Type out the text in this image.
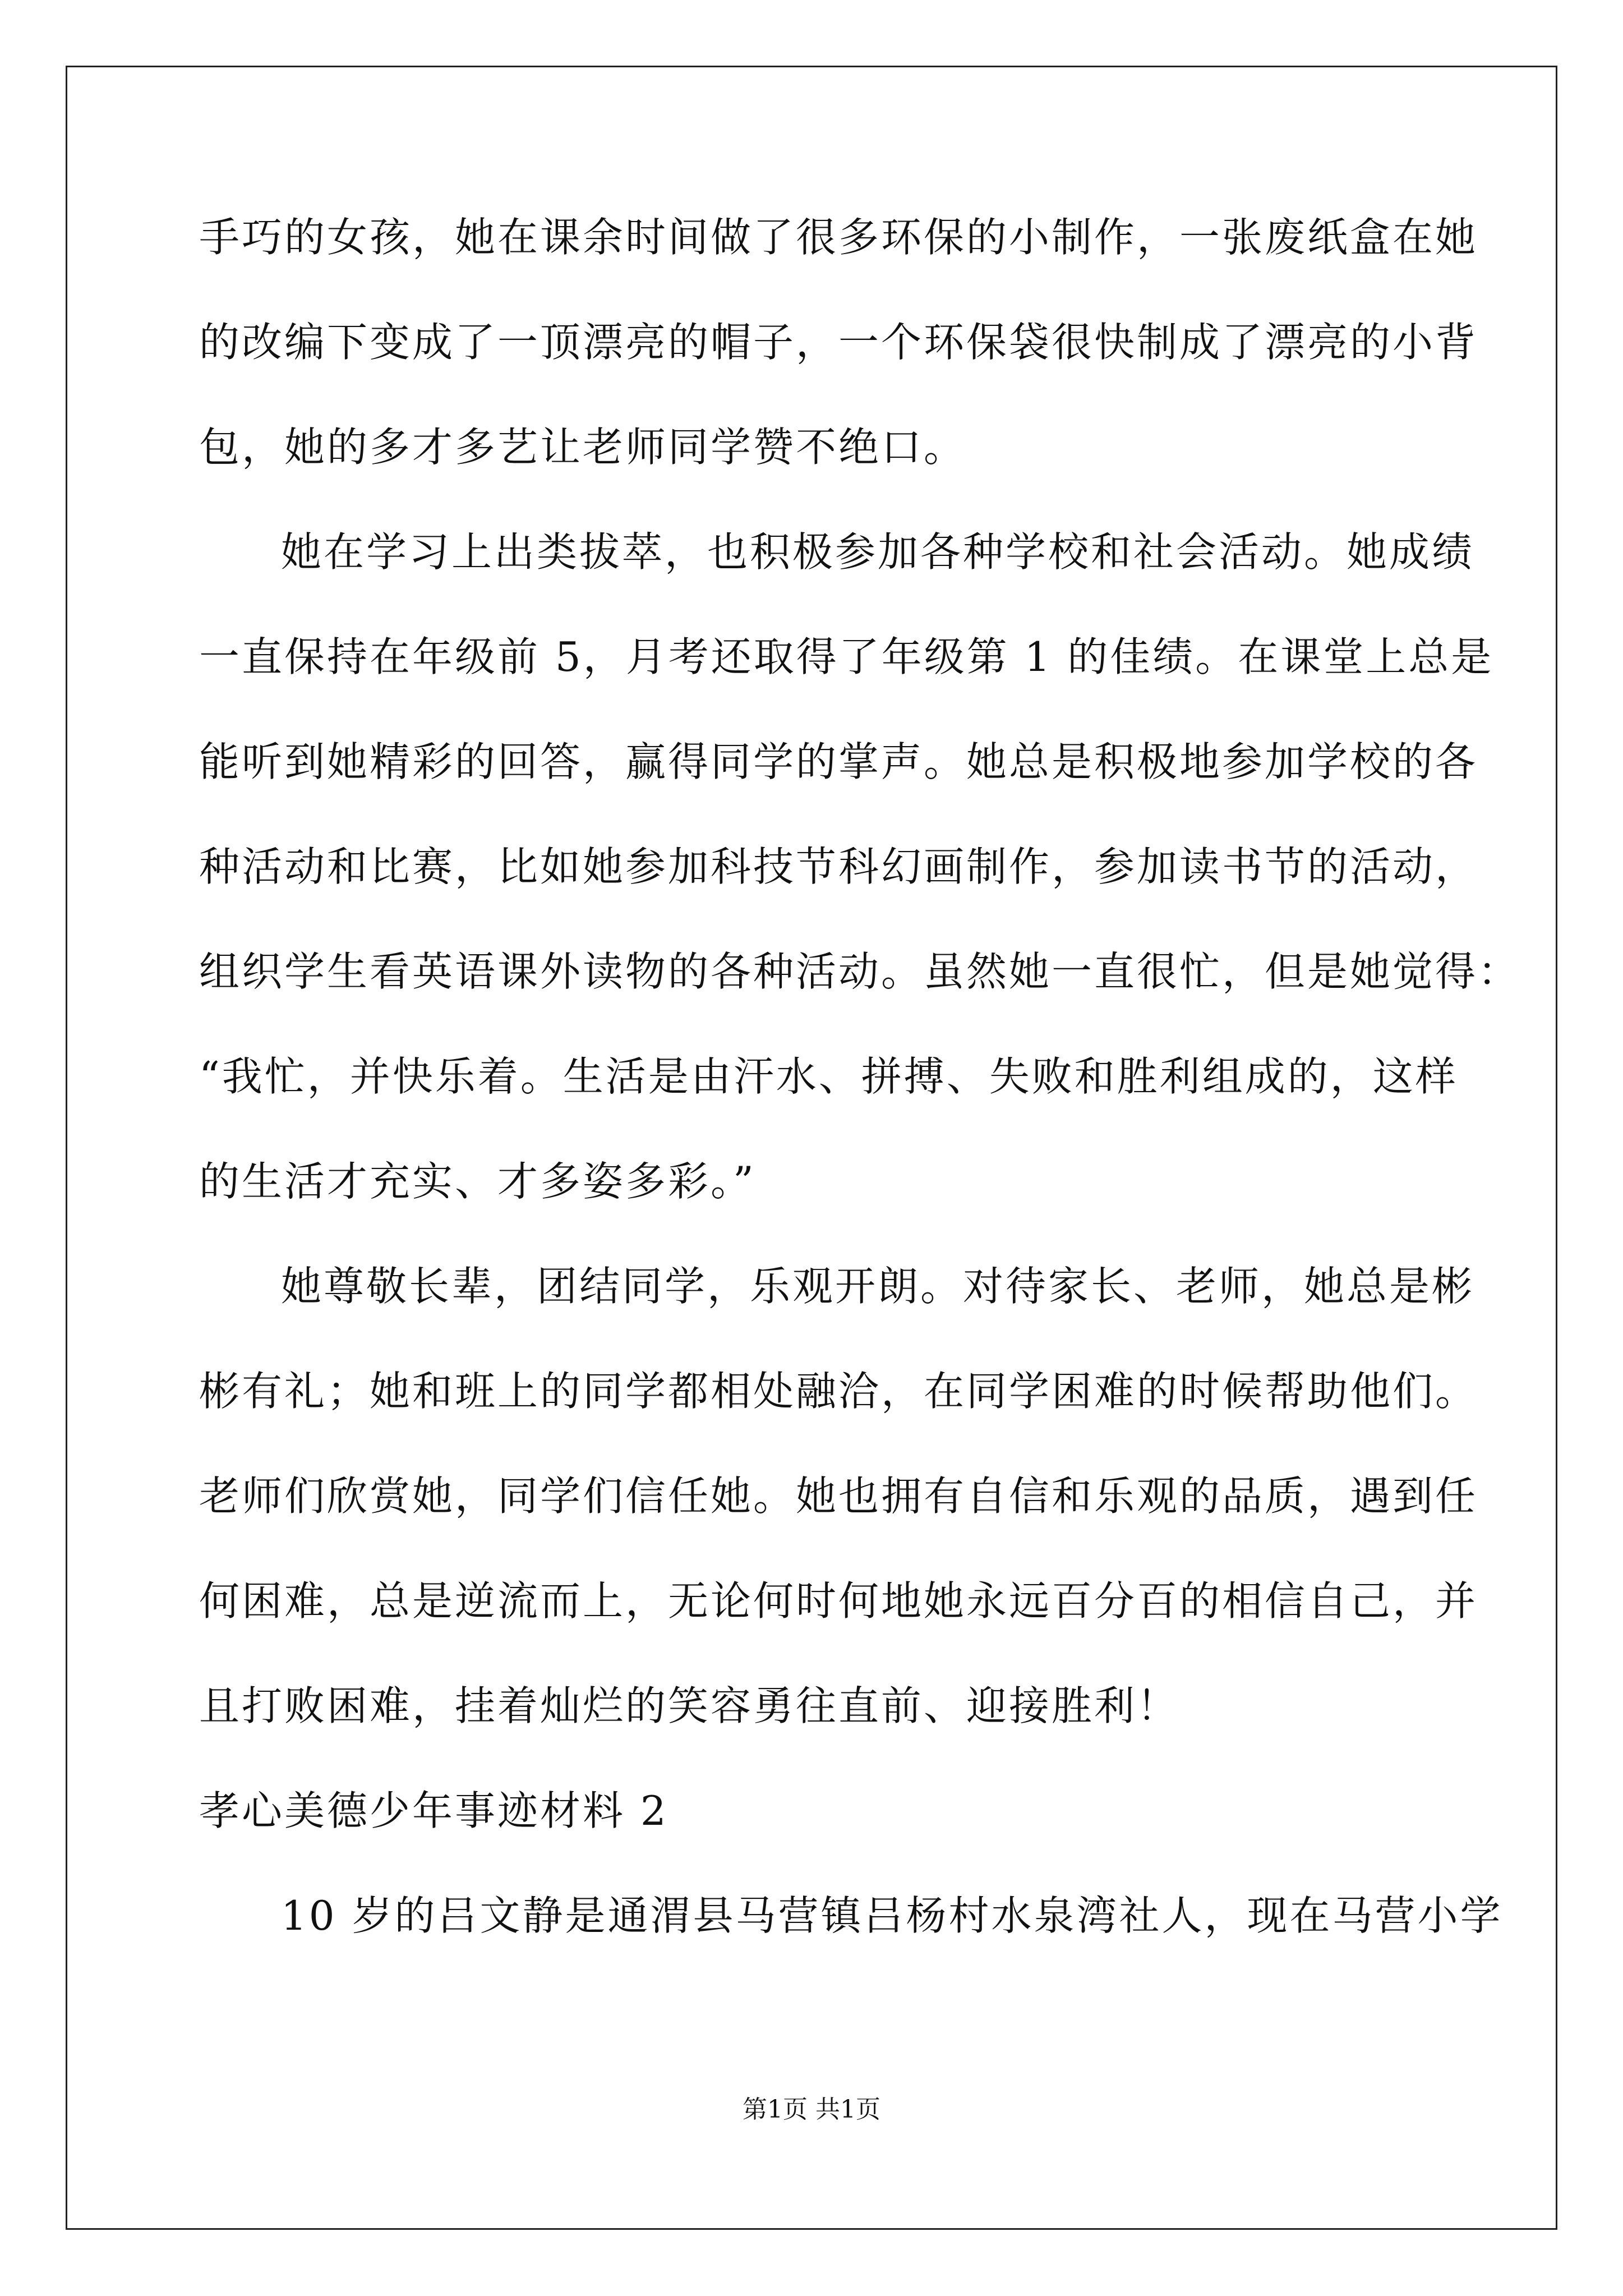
手巧的女孩，她在课余时间做了很多环保的小制作，一张废纸盒在她
的改编下变成了一顶漂亮的帽子，一个环保袋很快制成了漂亮的小背
包，她的多才多艺让老师同学赞不绝口。
她在学习上出类拔萃，也积极参加各种学校和社会活动。她成绩
一直保持在年级前 5，月考还取得了年级第 1 的佳绩。在课堂上总是
能听到她精彩的回答，赢得同学的掌声。她总是积极地参加学校的各
种活动和比赛，比如她参加科技节科幻画制作，参加读书节的活动，
组织学生看英语课外读物的各种活动。虽然她一直很忙，但是她觉得：
“我忙，并快乐着。生活是由汗水、拼搏、失败和胜利组成的，这样
的生活才充实、才多姿多彩。”
她尊敬长辈，团结同学，乐观开朗。对待家长、老师，她总是彬
彬有礼；她和班上的同学都相处融洽，在同学困难的时候帮助他们。
老师们欣赏她，同学们信任她。她也拥有自信和乐观的品质，遇到任
何困难，总是逆流而上，无论何时何地她永远百分百的相信自己，并
且打败困难，挂着灿烂的笑容勇往直前、迎接胜利！
孝心美德少年事迹材料 2
10 岁的吕文静是通渭县马营镇吕杨村水泉湾社人，现在马营小学
第1页 共1页
